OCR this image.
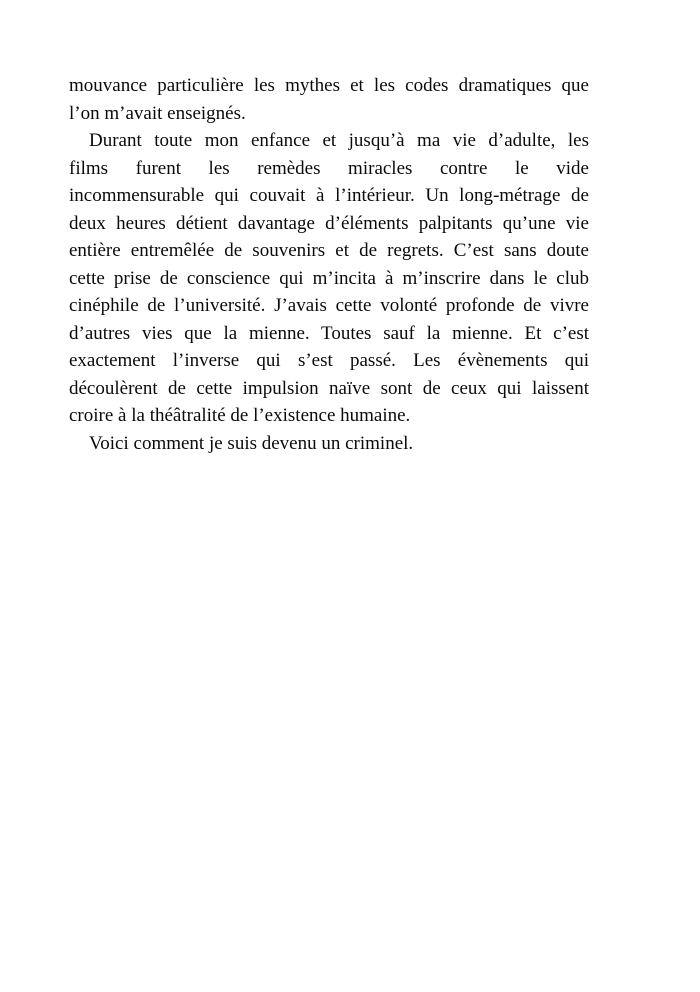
mouvance particulière les mythes et les codes dramatiques que
l’on m’avait enseignés.
Durant toute mon enfance et jusqu’à ma vie d’adulte, les
films furent les remèdes miracles contre le vide
incommensurable qui couvait à l’intérieur. Un long-métrage de
deux heures détient davantage d’éléments palpitants qu’une vie
entière entremêlée de souvenirs et de regrets. C’est sans doute
cette prise de conscience qui m’incita à m’inscrire dans le club
cinéphile de l’université. J’avais cette volonté profonde de vivre
d’autres vies que la mienne. Toutes sauf la mienne. Et c’est
exactement l’inverse qui s’est passé. Les évènements qui
découlèrent de cette impulsion naïve sont de ceux qui laissent
croire à la théâtralité de l’existence humaine.
Voici comment je suis devenu un criminel.
